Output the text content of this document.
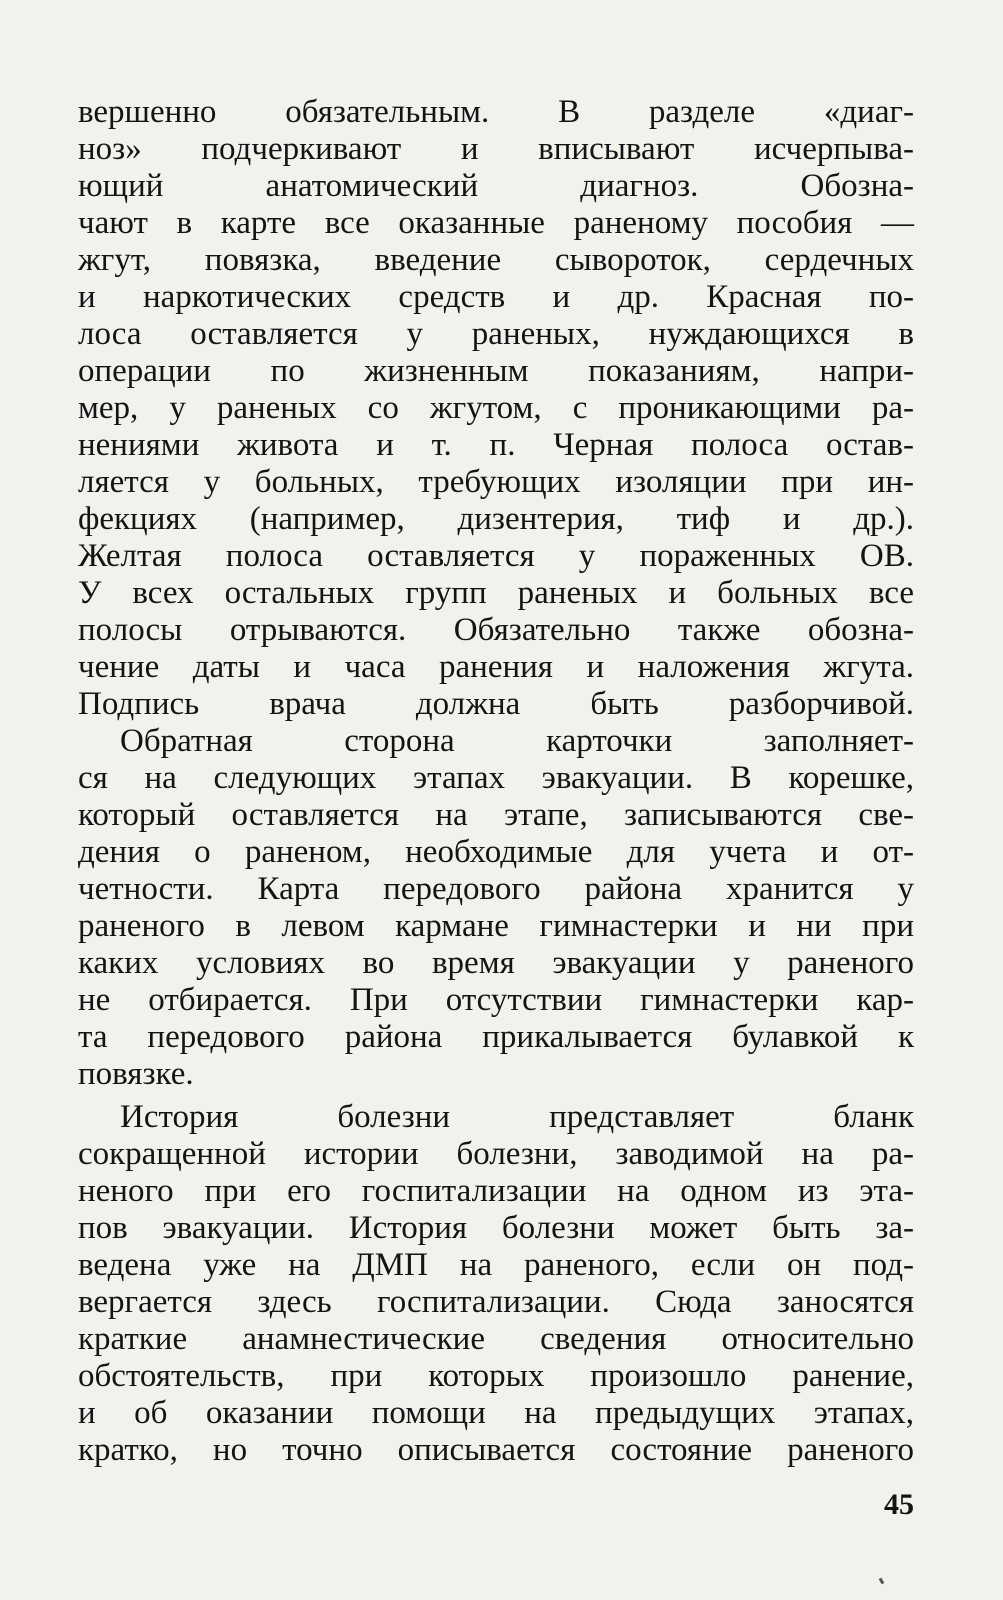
вершенно обязательным. В разделе «диаг-
ноз» подчеркивают и вписывают исчерпыва-
ющий анатомический диагноз. Обозна-
чают в карте все оказанные раненому пособия —
жгут, повязка, введение сывороток, сердечных
и наркотических средств и др. Красная по-
лоса оставляется у раненых, нуждающихся в
операции по жизненным показаниям, напри-
мер, у раненых со жгутом, с проникающими ра-
нениями живота и т. п. Черная полоса остав-
ляется у больных, требующих изоляции при ин-
фекциях (например, дизентерия, тиф и др.).
Желтая полоса оставляется у пораженных ОВ.
У всех остальных групп раненых и больных все
полосы отрываются. Обязательно также обозна-
чение даты и часа ранения и наложения жгута.
Подпись врача должна быть разборчивой.
Обратная сторона карточки заполняет-
ся на следующих этапах эвакуации. В корешке,
который оставляется на этапе, записываются све-
дения о раненом, необходимые для учета и от-
четности. Карта передового района хранится у
раненого в левом кармане гимнастерки и ни при
каких условиях во время эвакуации у раненого
не отбирается. При отсутствии гимнастерки кар-
та передового района прикалывается булавкой к
повязке.
История болезни представляет бланк
сокращенной истории болезни, заводимой на ра-
неного при его госпитализации на одном из эта-
пов эвакуации. История болезни может быть за-
ведена уже на ДМП на раненого, если он под-
вергается здесь госпитализации. Сюда заносятся
краткие анамнестические сведения относительно
обстоятельств, при которых произошло ранение,
и об оказании помощи на предыдущих этапах,
кратко, но точно описывается состояние раненого
45
